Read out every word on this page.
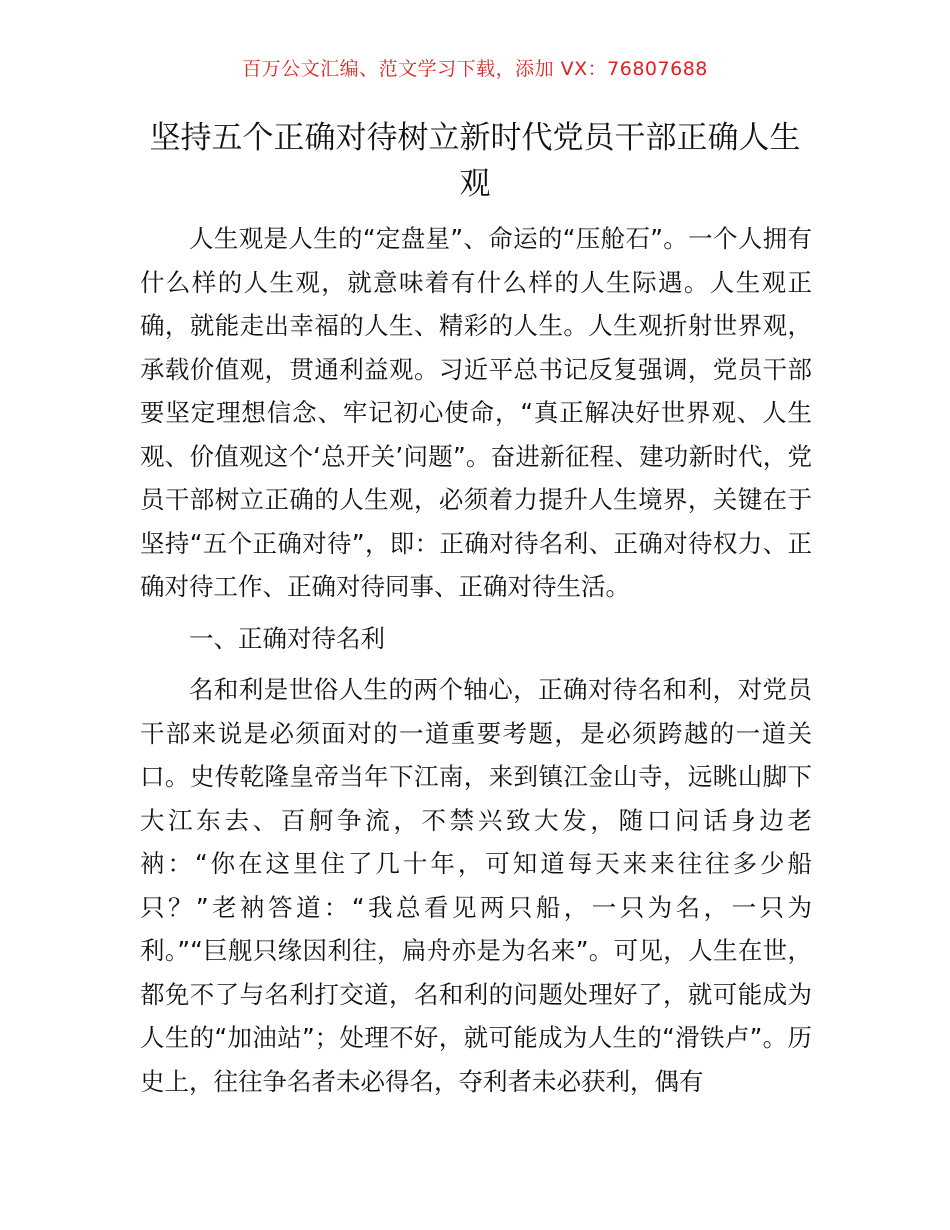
百万公文汇编、范文学习下载，添加 VX：76807688
坚持五个正确对待树立新时代党员干部正确人生观

人生观是人生的“定盘星”、命运的“压舱石”。一个人拥有什么样的人生观，就意味着有什么样的人生际遇。人生观正确，就能走出幸福的人生、精彩的人生。人生观折射世界观，承载价值观，贯通利益观。习近平总书记反复强调，党员干部要坚定理想信念、牢记初心使命，“真正解决好世界观、人生观、价值观这个‘总开关’问题”。奋进新征程、建功新时代，党员干部树立正确的人生观，必须着力提升人生境界，关键在于坚持“五个正确对待”，即：正确对待名利、正确对待权力、正确对待工作、正确对待同事、正确对待生活。

一、正确对待名利

名和利是世俗人生的两个轴心，正确对待名和利，对党员干部来说是必须面对的一道重要考题，是必须跨越的一道关口。史传乾隆皇帝当年下江南，来到镇江金山寺，远眺山脚下大江东去、百舸争流，不禁兴致大发，随口问话身边老衲：“你在这里住了几十年，可知道每天来来往往多少船只？”老衲答道：“我总看见两只船，一只为名，一只为利。”“巨舰只缘因利往，扁舟亦是为名来”。可见，人生在世，都免不了与名利打交道，名和利的问题处理好了，就可能成为人生的“加油站”；处理不好，就可能成为人生的“滑铁卢”。历史上，往往争名者未必得名，夺利者未必获利，偶有
